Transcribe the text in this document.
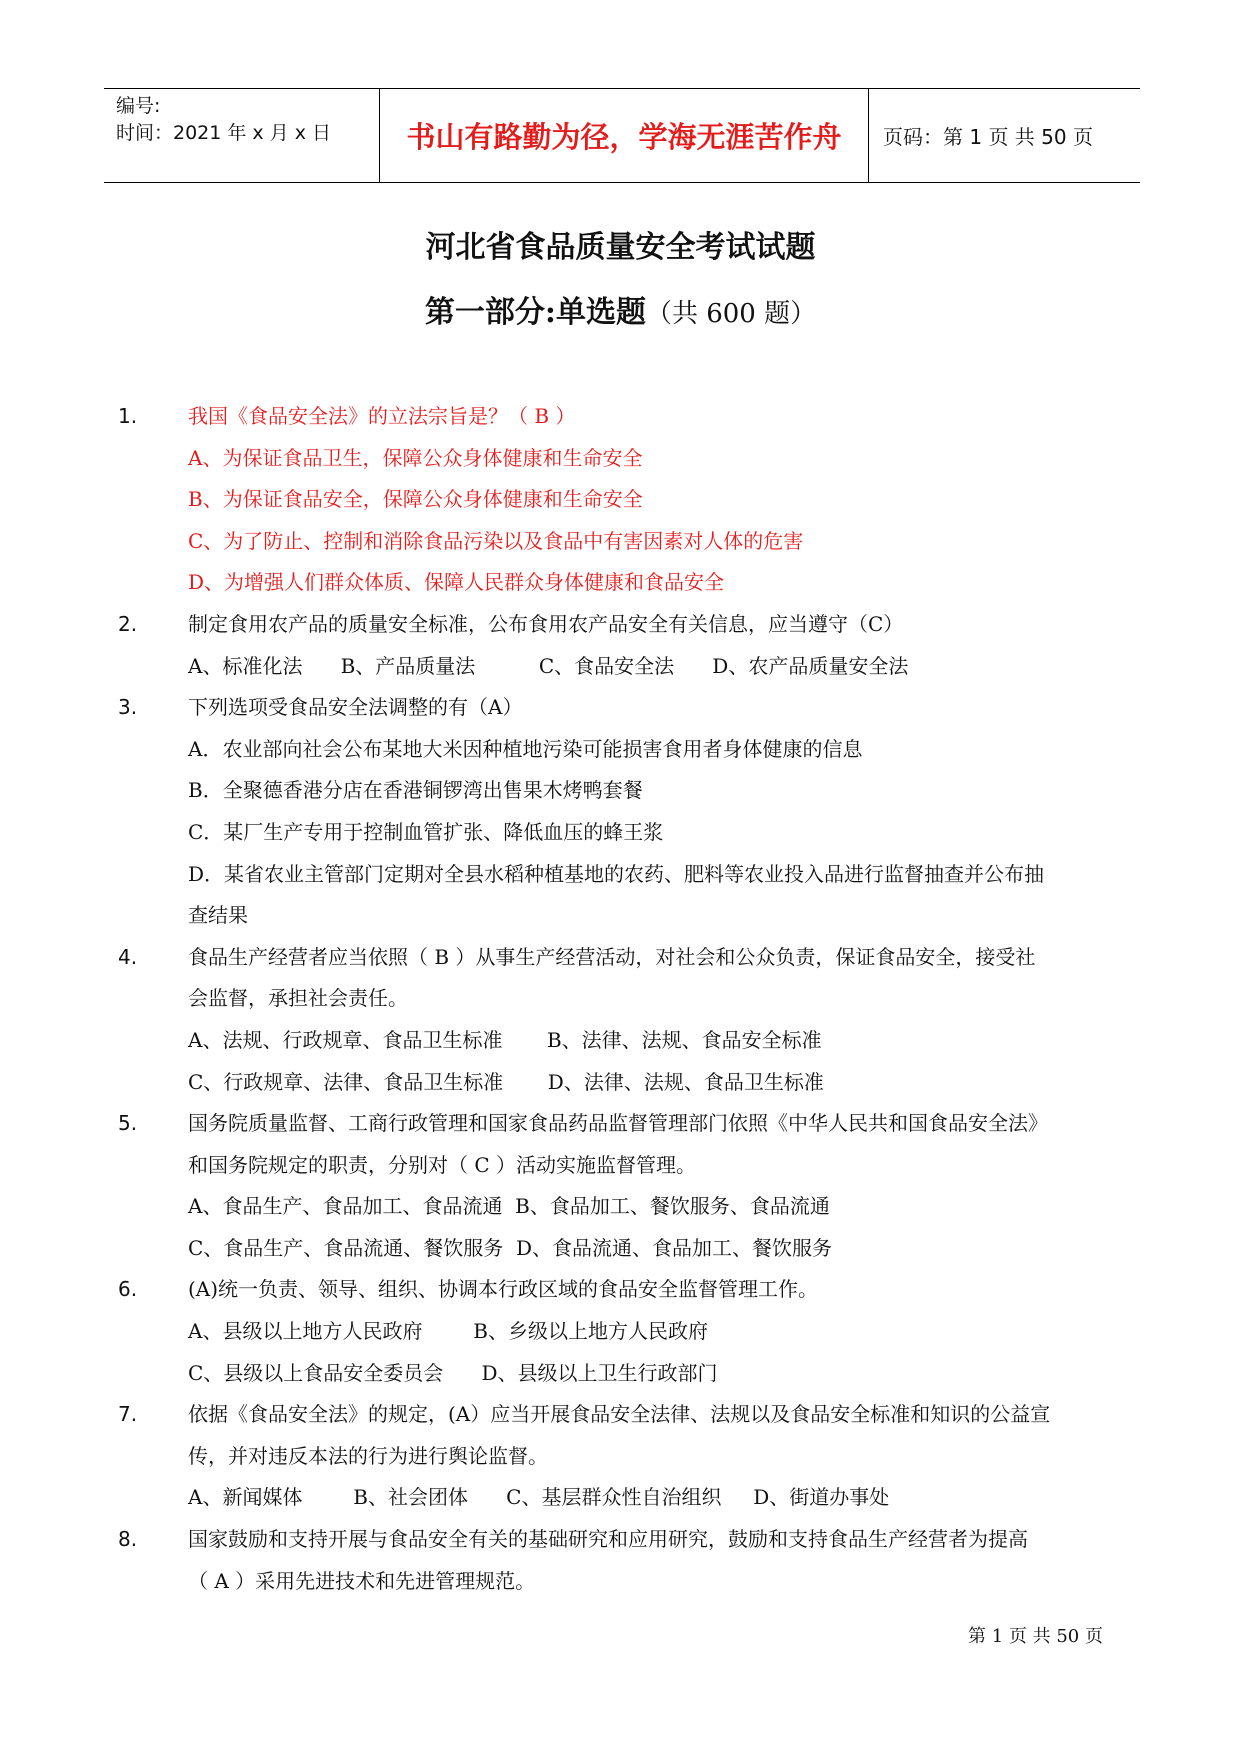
编号:
时间：2021 年 x 月 x 日	书山有路勤为径，学海无涯苦作舟	页码：第 1 页 共 50 页
河北省食品质量安全考试试题
第一部分:单选题（共 600 题）
1.	我国《食品安全法》的立法宗旨是？（ B ）
A、为保证食品卫生，保障公众身体健康和生命安全
B、为保证食品安全，保障公众身体健康和生命安全
C、为了防止、控制和消除食品污染以及食品中有害因素对人体的危害
D、为增强人们群众体质、保障人民群众身体健康和食品安全
2.	制定食用农产品的质量安全标准，公布食用农产品安全有关信息，应当遵守（C）
A、标准化法      B、产品质量法          C、食品安全法      D、农产品质量安全法
3.	下列选项受食品安全法调整的有（A）
A．农业部向社会公布某地大米因种植地污染可能损害食用者身体健康的信息
B．全聚德香港分店在香港铜锣湾出售果木烤鸭套餐
C．某厂生产专用于控制血管扩张、降低血压的蜂王浆
D．某省农业主管部门定期对全县水稻种植基地的农药、肥料等农业投入品进行监督抽查并公布抽
查结果
4.	食品生产经营者应当依照（ B ）从事生产经营活动，对社会和公众负责，保证食品安全，接受社
会监督，承担社会责任。
A、法规、行政规章、食品卫生标准       B、法律、法规、食品安全标准
C、行政规章、法律、食品卫生标准       D、法律、法规、食品卫生标准
5.	国务院质量监督、工商行政管理和国家食品药品监督管理部门依照《中华人民共和国食品安全法》
和国务院规定的职责，分别对（ C ）活动实施监督管理。
A、食品生产、食品加工、食品流通  B、食品加工、餐饮服务、食品流通
C、食品生产、食品流通、餐饮服务  D、食品流通、食品加工、餐饮服务
6.	(A)统一负责、领导、组织、协调本行政区域的食品安全监督管理工作。
A、县级以上地方人民政府        B、乡级以上地方人民政府
C、县级以上食品安全委员会      D、县级以上卫生行政部门
7.	依据《食品安全法》的规定，(A）应当开展食品安全法律、法规以及食品安全标准和知识的公益宣
传，并对违反本法的行为进行舆论监督。
A、新闻媒体        B、社会团体      C、基层群众性自治组织     D、街道办事处
8.	国家鼓励和支持开展与食品安全有关的基础研究和应用研究，鼓励和支持食品生产经营者为提高
（ A ）采用先进技术和先进管理规范。
第 1 页 共 50 页
